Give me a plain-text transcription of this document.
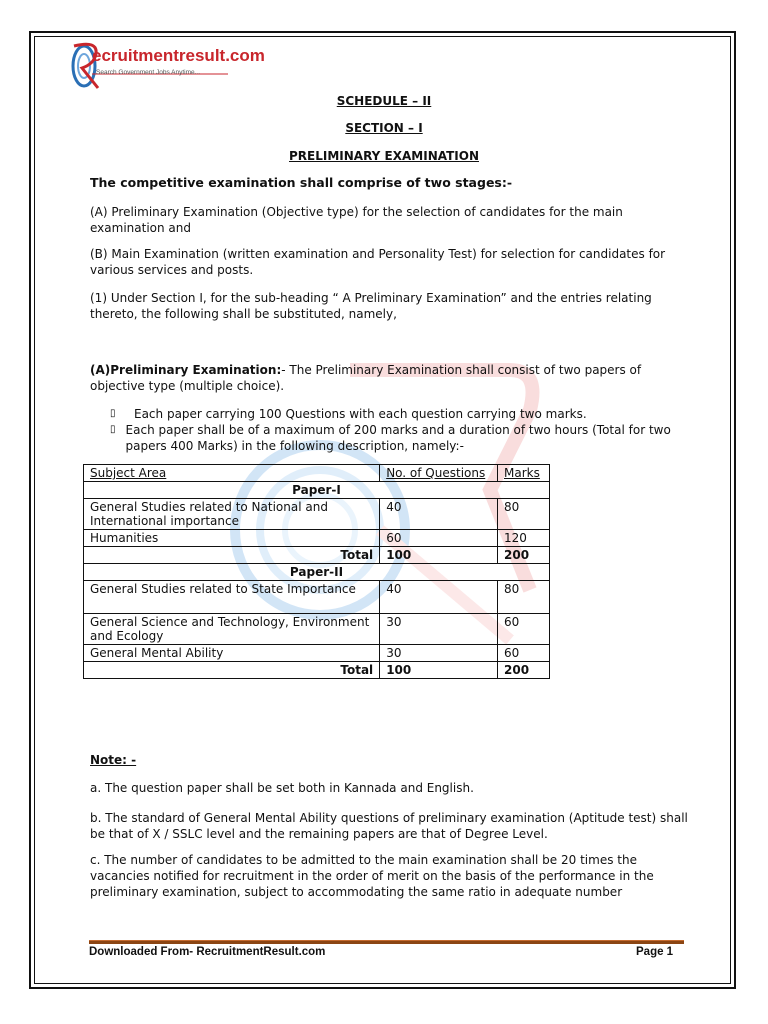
ecruitmentresult.com
Search Government Jobs Anytime...
SCHEDULE – II
SECTION – I
PRELIMINARY EXAMINATION
The competitive examination shall comprise of two stages:-
(A) Preliminary Examination (Objective type) for the selection of candidates for the main examination and
(B) Main Examination (written examination and Personality Test) for selection for candidates for various services and posts.
(1) Under Section I, for the sub-heading “ A Preliminary Examination” and the entries relating thereto, the following shall be substituted, namely,
(A)Preliminary Examination:- The Preliminary Examination shall consist of two papers of objective type (multiple choice).
▯	Each paper carrying 100 Questions with each question carrying two marks.
▯ Each paper shall be of a maximum of 200 marks and a duration of two hours (Total for two papers 400 Marks) in the following description, namely:-
Subject Area	No. of Questions	Marks
Paper-I		
General Studies related to National and International importance	40	80
Humanities	60	120
Total	100	200
Paper-II		
General Studies related to State Importance	40	80
General Science and Technology, Environment and Ecology	30	60
General Mental Ability	30	60
Total	100	200
Note: -
a. The question paper shall be set both in Kannada and English.
b. The standard of General Mental Ability questions of preliminary examination (Aptitude test) shall be that of X / SSLC level and the remaining papers are that of Degree Level.
c. The number of candidates to be admitted to the main examination shall be 20 times the vacancies notified for recruitment in the order of merit on the basis of the performance in the preliminary examination, subject to accommodating the same ratio in adequate number
Downloaded From- RecruitmentResult.com	Page 1
